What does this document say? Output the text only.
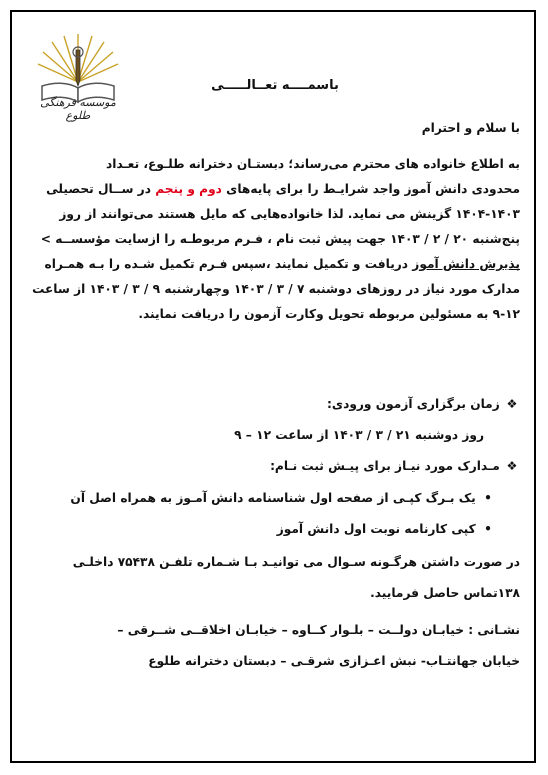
موسسه فرهنگی طلوع
باسمــــه تعــالـــــی
با سلام و احترام
به اطلاع خانواده های محترم می‌رساند؛ دبستـان دخترانه طلـوع، تعـداد
محدودی دانش آموز واجد شرایـط را برای پایه‌های دوم و پنجم در ســال تحصیلی
۱۴۰۴-۱۴۰۳ گزینش می نماید. لذا خانواده‌هایی که مایل هستند می‌توانند از روز
پنج‌شنبه ۲۰ / ۲ / ۱۴۰۳ جهت پیش ثبت نام ، فـرم مربوطـه را ازسایت مؤسســه >
پذیرش دانش آموز دریافت و تکمیل نمایند ،سپس فـرم تکمیل شـده را بـه همـراه
مدارک مورد نیاز در روزهای دوشنبه ۷ / ۳ / ۱۴۰۳ وچهارشنبه ۹ / ۳ / ۱۴۰۳ از ساعت
۹-۱۲ به مسئولین مربوطه تحویل وکارت آزمون را دریافت نمایند.
❖ زمان برگزاری آزمون ورودی:
روز دوشنبه ۲۱ / ۳ / ۱۴۰۳ از ساعت ۱۲ – ۹
❖ مـدارک مورد نیـاز برای پیـش ثبت نـام:
• یک بـرگ کپـی از صفحه اول شناسنامه دانش آمـوز به همراه اصل آن
• کپی کارنامه نوبت اول دانش آموز
در صورت داشتن هرگـونه سـوال می توانیـد بـا شـماره تلفـن ۷۵۴۳۸ داخلـی
۱۳۸تماس حاصل فرمایید.
نشـانی : خیابـان دولــت – بلـوار کــاوه – خیابـان اخلاقــی شــرقی –
خیابان جهانتـاب- نبش اعـزازی شرقـی – دبستان دخترانه طلوع
